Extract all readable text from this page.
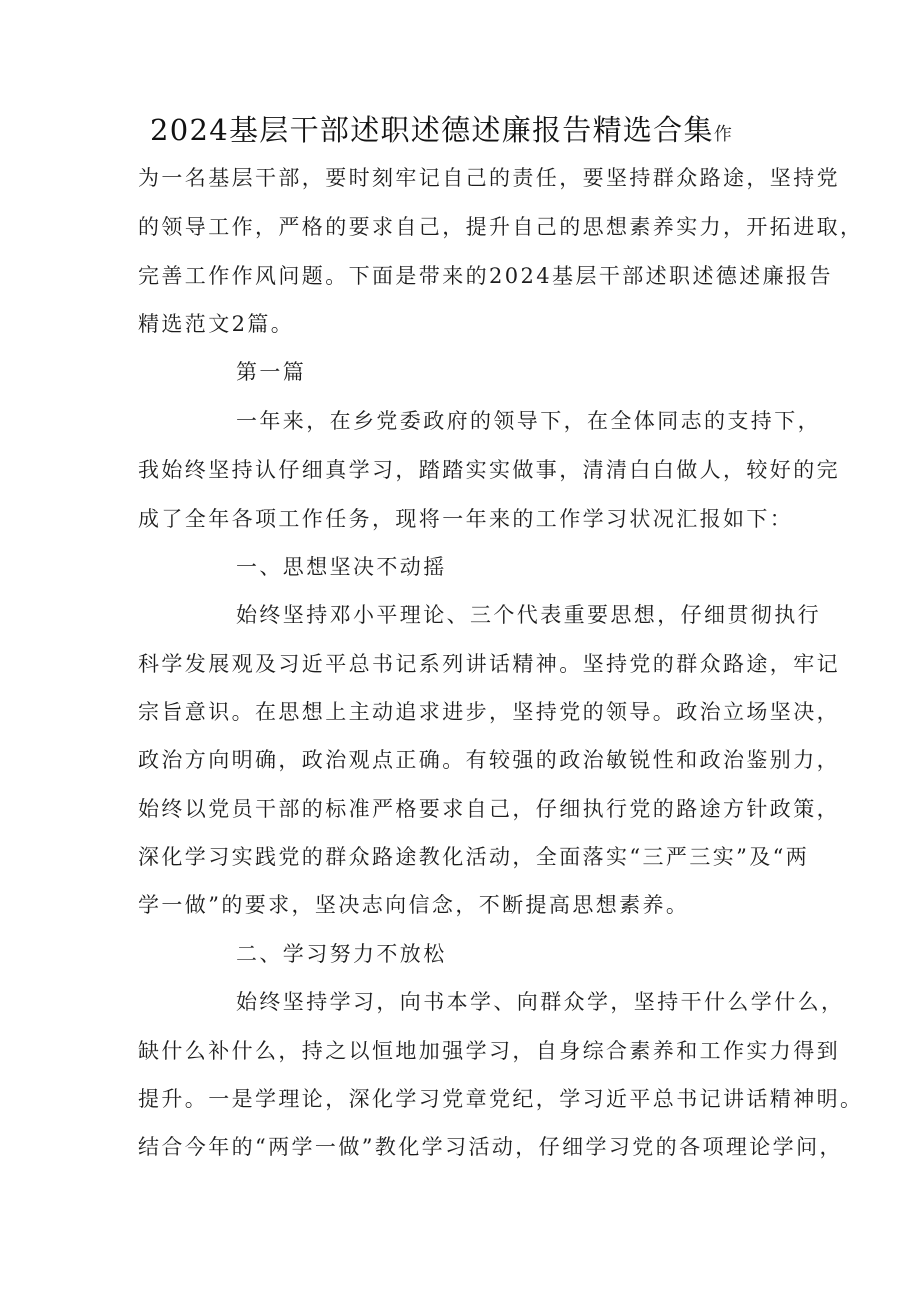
2024基层干部述职述德述廉报告精选合集作
为一名基层干部，要时刻牢记自己的责任，要坚持群众路途，坚持党
的领导工作，严格的要求自己，提升自己的思想素养实力，开拓进取，
完善工作作风问题。下面是带来的2024基层干部述职述德述廉报告
精选范文2篇。
第一篇
一年来，在乡党委政府的领导下，在全体同志的支持下，
我始终坚持认仔细真学习，踏踏实实做事，清清白白做人，较好的完
成了全年各项工作任务，现将一年来的工作学习状况汇报如下：
一、思想坚决不动摇
始终坚持邓小平理论、三个代表重要思想，仔细贯彻执行
科学发展观及习近平总书记系列讲话精神。坚持党的群众路途，牢记
宗旨意识。在思想上主动追求进步，坚持党的领导。政治立场坚决，
政治方向明确，政治观点正确。有较强的政治敏锐性和政治鉴别力，
始终以党员干部的标准严格要求自己，仔细执行党的路途方针政策，
深化学习实践党的群众路途教化活动，全面落实“三严三实”及“两
学一做”的要求，坚决志向信念，不断提高思想素养。
二、学习努力不放松
始终坚持学习，向书本学、向群众学，坚持干什么学什么，
缺什么补什么，持之以恒地加强学习，自身综合素养和工作实力得到
提升。一是学理论，深化学习党章党纪，学习近平总书记讲话精神明。
结合今年的“两学一做”教化学习活动，仔细学习党的各项理论学问，
